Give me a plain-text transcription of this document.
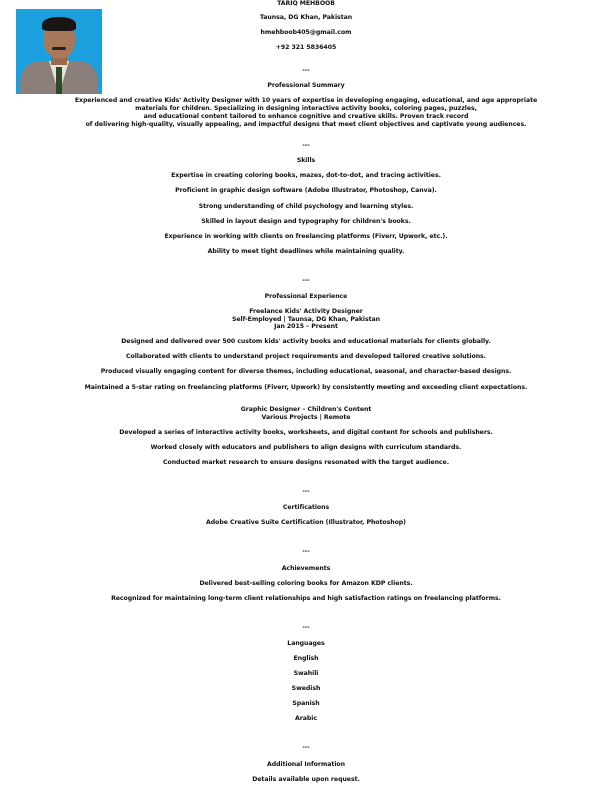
TARIQ MEHBOOB
Taunsa, DG Khan, Pakistan
hmehboob405@gmail.com
+92 321 5836405
---
Professional Summary
Experienced and creative Kids' Activity Designer with 10 years of expertise in developing engaging, educational, and age appropriate
materials for children. Specializing in designing interactive activity books, coloring pages, puzzles,
and educational content tailored to enhance cognitive and creative skills. Proven track record
of delivering high-quality, visually appealing, and impactful designs that meet client objectives and captivate young audiences.
---
Skills
Expertise in creating coloring books, mazes, dot-to-dot, and tracing activities.
Proficient in graphic design software (Adobe Illustrator, Photoshop, Canva).
Strong understanding of child psychology and learning styles.
Skilled in layout design and typography for children's books.
Experience in working with clients on freelancing platforms (Fiverr, Upwork, etc.).
Ability to meet tight deadlines while maintaining quality.
---
Professional Experience
Freelance Kids' Activity Designer
Self-Employed | Taunsa, DG Khan, Pakistan
Jan 2015 – Present
Designed and delivered over 500 custom kids' activity books and educational materials for clients globally.
Collaborated with clients to understand project requirements and developed tailored creative solutions.
Produced visually engaging content for diverse themes, including educational, seasonal, and character-based designs.
Maintained a 5-star rating on freelancing platforms (Fiverr, Upwork) by consistently meeting and exceeding client expectations.
Graphic Designer – Children's Content
Various Projects | Remote
Developed a series of interactive activity books, worksheets, and digital content for schools and publishers.
Worked closely with educators and publishers to align designs with curriculum standards.
Conducted market research to ensure designs resonated with the target audience.
---
Certifications
Adobe Creative Suite Certification (Illustrator, Photoshop)
---
Achievements
Delivered best-selling coloring books for Amazon KDP clients.
Recognized for maintaining long-term client relationships and high satisfaction ratings on freelancing platforms.
---
Languages
English
Swahili
Swedish
Spanish
Arabic
---
Additional Information
Details available upon request.
